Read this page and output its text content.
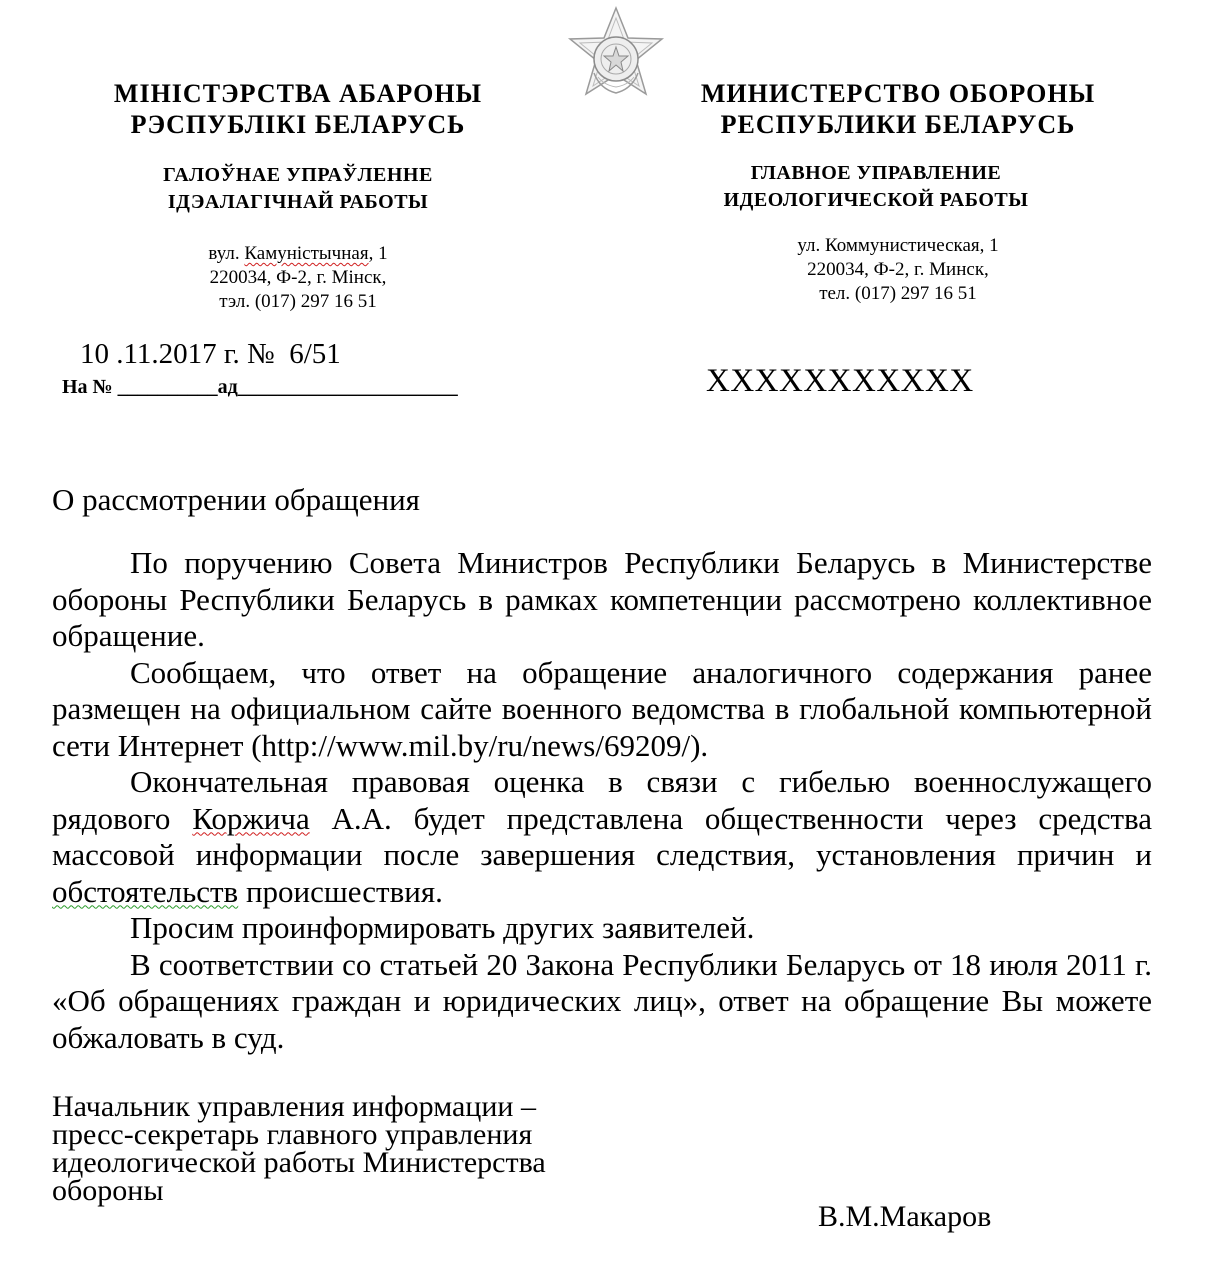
МІНІСТЭРСТВА АБАРОНЫ
РЭСПУБЛІКІ БЕЛАРУСЬ
ГАЛОЎНАЕ УПРАЎЛЕННЕ
ІДЭАЛАГІЧНАЙ РАБОТЫ
вул. Камуністычная, 1
220034, Ф-2, г. Мінск,
тэл. (017) 297 16 51
МИНИСТЕРСТВО ОБОРОНЫ
РЕСПУБЛИКИ БЕЛАРУСЬ
ГЛАВНОЕ УПРАВЛЕНИЕ
ИДЕОЛОГИЧЕСКОЙ РАБОТЫ
ул. Коммунистическая, 1
220034, Ф-2, г. Минск,
тел. (017) 297 16 51
10 .11.2017 г. №  6/51
На № __________ад______________________	XXXXXXXXXXX
О рассмотрении обращения

По поручению Совета Министров Республики Беларусь в Министерстве обороны Республики Беларусь в рамках компетенции рассмотрено коллективное обращение.

Сообщаем, что ответ на обращение аналогичного содержания ранее размещен на официальном сайте военного ведомства в глобальной компьютерной сети Интернет (http://www.mil.by/ru/news/69209/).

Окончательная правовая оценка в связи с гибелью военнослужащего рядового Коржича А.А. будет представлена общественности через средства массовой информации после завершения следствия, установления причин и обстоятельств происшествия.

Просим проинформировать других заявителей.

В соответствии со статьей 20 Закона Республики Беларусь от 18 июля 2011 г. «Об обращениях граждан и юридических лиц», ответ на обращение Вы можете обжаловать в суд.

Начальник управления информации –
пресс-секретарь главного управления
идеологической работы Министерства
обороны
В.М.Макаров
